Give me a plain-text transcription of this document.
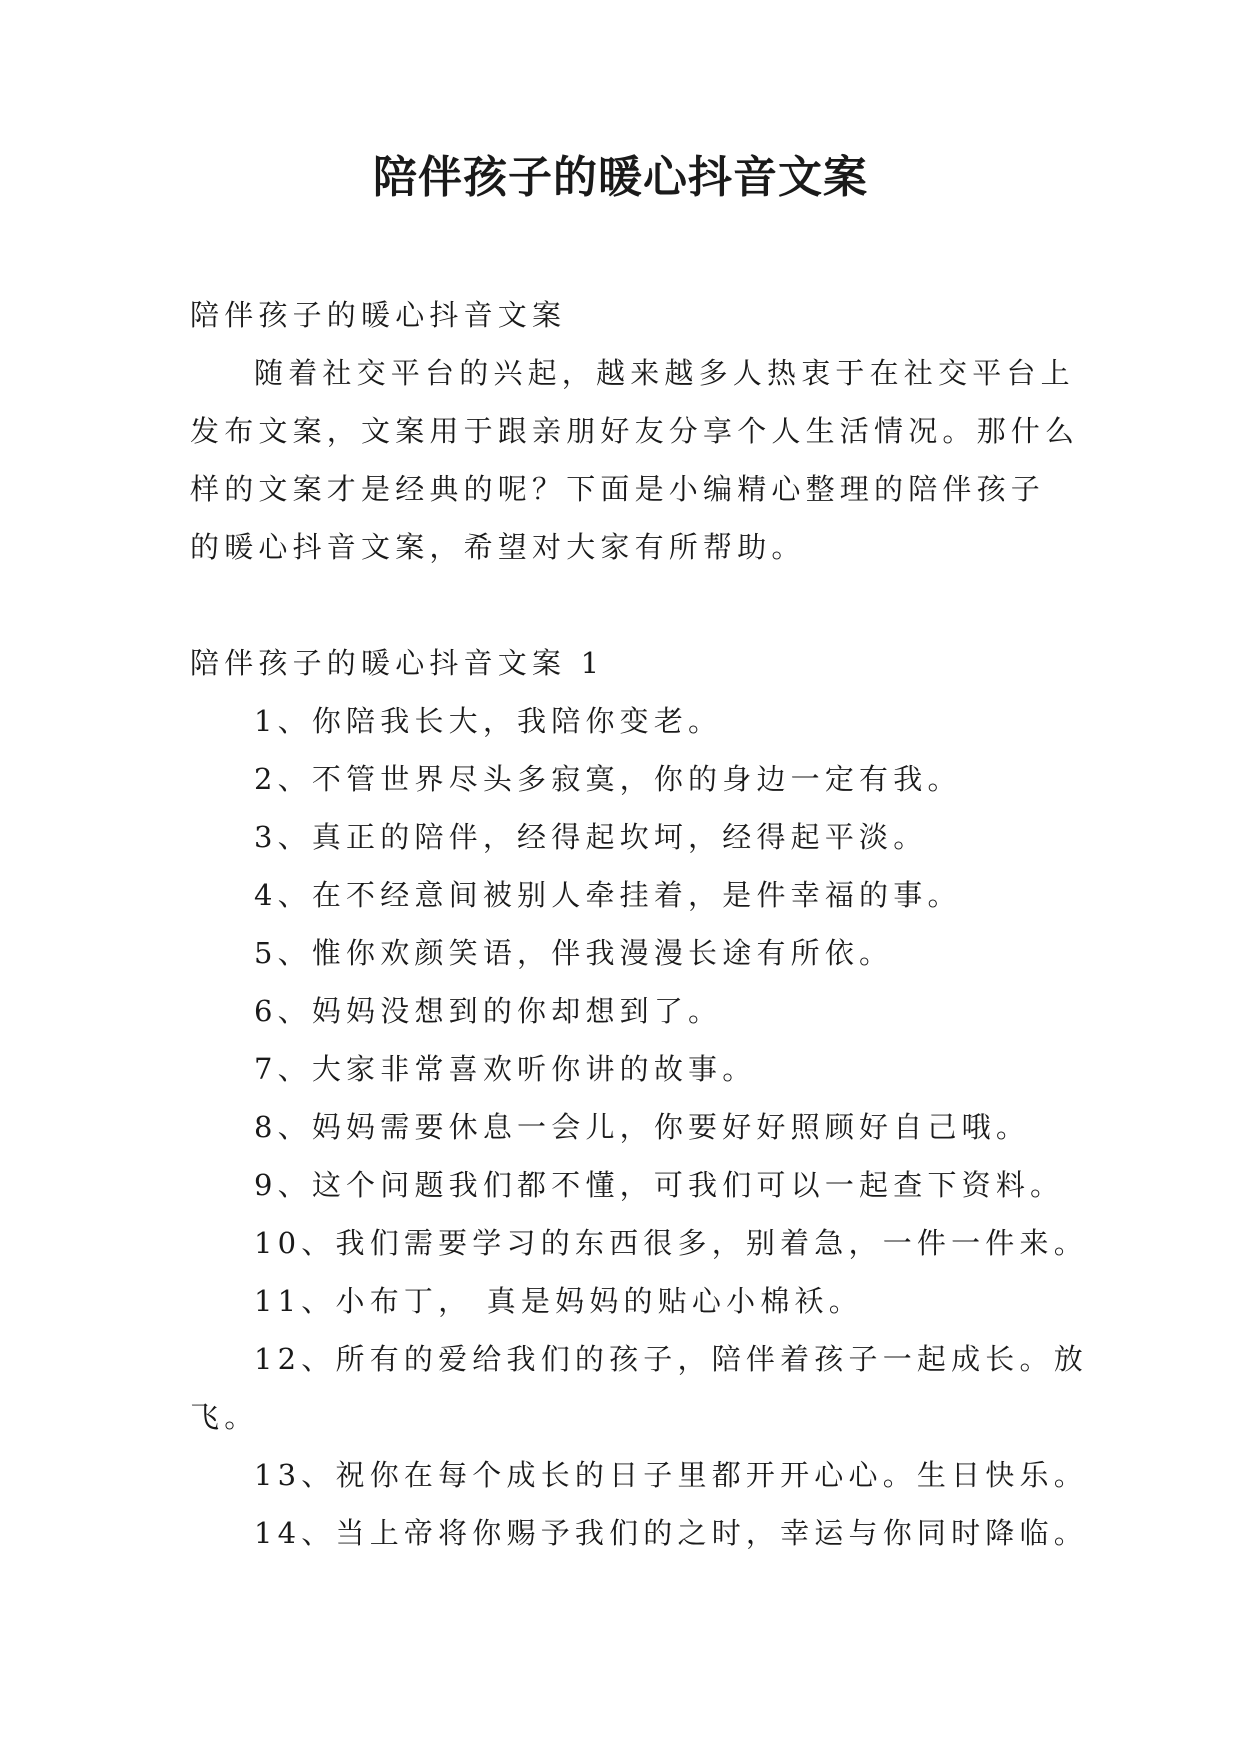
陪伴孩子的暖心抖音文案

陪伴孩子的暖心抖音文案

随着社交平台的兴起，越来越多人热衷于在社交平台上

发布文案，文案用于跟亲朋好友分享个人生活情况。那什么

样的文案才是经典的呢？下面是小编精心整理的陪伴孩子

的暖心抖音文案，希望对大家有所帮助。

陪伴孩子的暖心抖音文案 1

1、你陪我长大，我陪你变老。

2、不管世界尽头多寂寞，你的身边一定有我。

3、真正的陪伴，经得起坎坷，经得起平淡。

4、在不经意间被别人牵挂着，是件幸福的事。

5、惟你欢颜笑语，伴我漫漫长途有所依。

6、妈妈没想到的你却想到了。

7、大家非常喜欢听你讲的故事。

8、妈妈需要休息一会儿，你要好好照顾好自己哦。

9、这个问题我们都不懂，可我们可以一起查下资料。

10、我们需要学习的东西很多，别着急，一件一件来。

11、小布丁， 真是妈妈的贴心小棉袄。

12、所有的爱给我们的孩子，陪伴着孩子一起成长。放

飞。

13、祝你在每个成长的日子里都开开心心。生日快乐。

14、当上帝将你赐予我们的之时，幸运与你同时降临。
